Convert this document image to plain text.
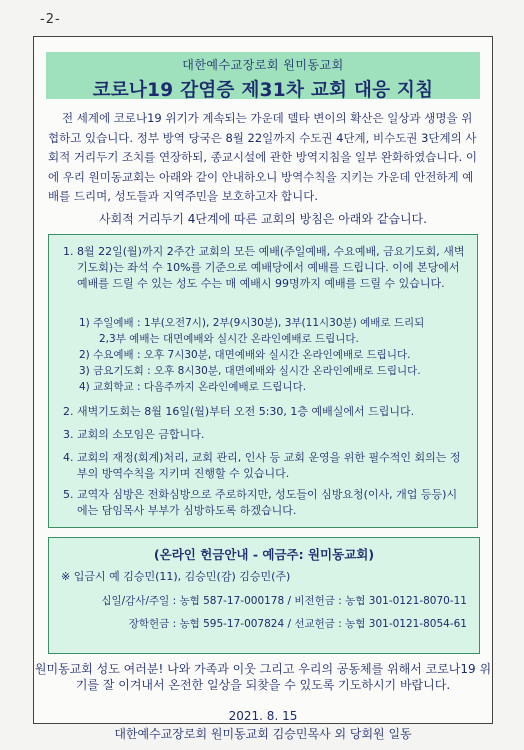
-2-
대한예수교장로회 원미동교회
코로나19 감염증 제31차 교회 대응 지침
전 세계에 코로나19 위기가 계속되는 가운데 델타 변이의 확산은 일상과 생명을 위협하고 있습니다. 정부 방역 당국은 8월 22일까지 수도권 4단계, 비수도권 3단계의 사회적 거리두기 조치를 연장하되, 종교시설에 관한 방역지침을 일부 완화하였습니다. 이에 우리 원미동교회는 아래와 같이 안내하오니 방역수칙을 지키는 가운데 안전하게 예배를 드리며, 성도들과 지역주민을 보호하고자 합니다.
사회적 거리두기 4단계에 따른 교회의 방침은 아래와 같습니다.
1. 8월 22일(월)까지 2주간 교회의 모든 예배(주일예배, 수요예배, 금요기도회, 새벽기도회)는 좌석 수 10%를 기준으로 예배당에서 예배를 드립니다. 이에 본당에서 예배를 드릴 수 있는 성도 수는 매 예배시 99명까지 예배를 드릴 수 있습니다.
1) 주일예배 : 1부(오전7시), 2부(9시30분), 3부(11시30분) 예배로 드리되
2,3부 예배는 대면예배와 실시간 온라인예배로 드립니다.
2) 수요예배 : 오후 7시30분, 대면예배와 실시간 온라인예배로 드립니다.
3) 금요기도회 : 오후 8시30분, 대면예배와 실시간 온라인예배로 드립니다.
4) 교회학교 : 다음주까지 온라인예배로 드립니다.
2. 새벽기도회는 8월 16일(월)부터 오전 5:30, 1층 예배실에서 드립니다.
3. 교회의 소모임은 금합니다.
4. 교회의 재정(회계)처리, 교회 관리, 인사 등 교회 운영을 위한 필수적인 회의는 정부의 방역수칙을 지키며 진행할 수 있습니다.
5. 교역자 심방은 전화심방으로 주로하지만, 성도들이 심방요청(이사, 개업 등등)시에는 담임목사 부부가 심방하도록 하겠습니다.
(온라인 헌금안내 - 예금주: 원미동교회)
※ 입금시 예 김승민(11), 김승민(감) 김승민(주)
십일/감사/주일 : 농협 587-17-000178 / 비전헌금 : 농협 301-0121-8070-11
장학헌금 : 농협 595-17-007824 / 선교헌금 : 농협 301-0121-8054-61
원미동교회 성도 여러분! 나와 가족과 이웃 그리고 우리의 공동체를 위해서 코로나19 위기를 잘 이겨내서 온전한 일상을 되찾을 수 있도록 기도하시기 바랍니다.
2021. 8. 15
대한예수교장로회 원미동교회 김승민목사 외 당회원 일동
